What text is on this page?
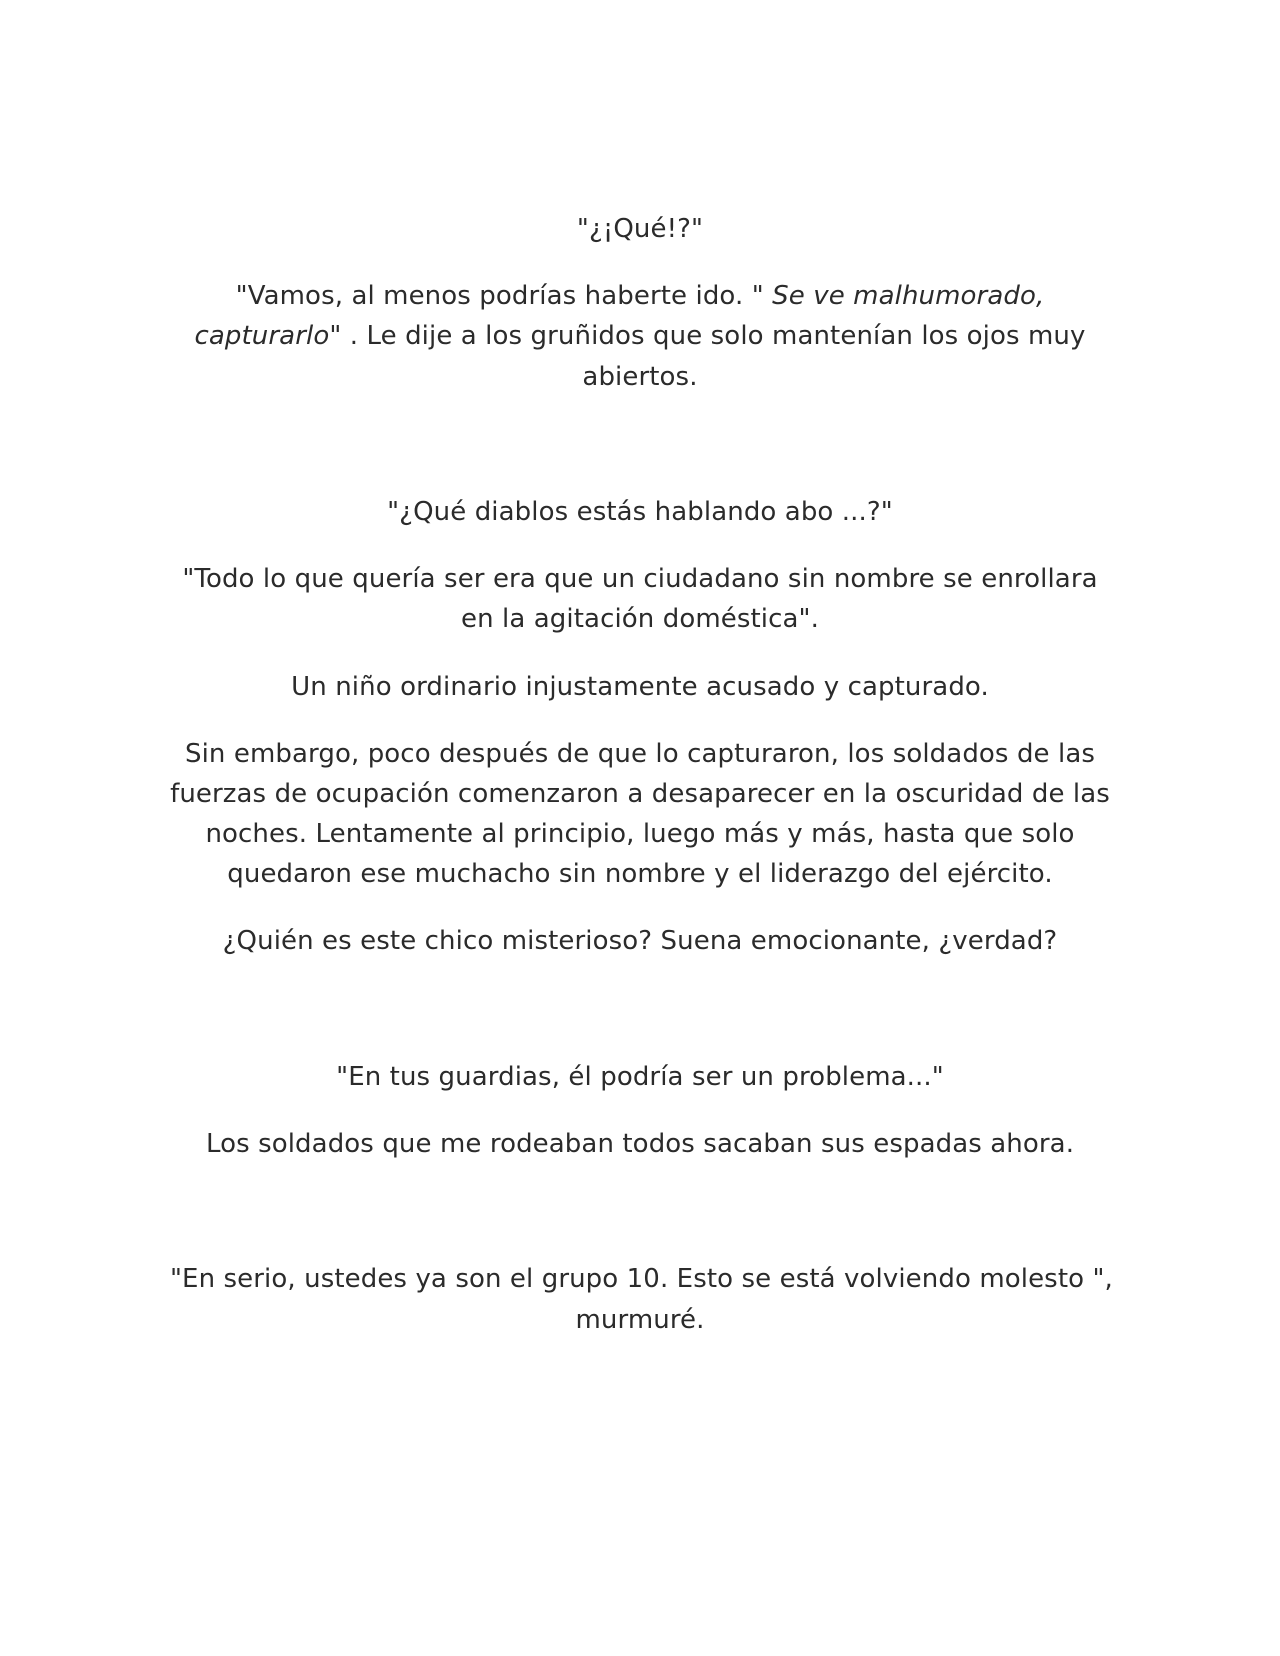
"¿¡Qué!?"
"Vamos, al menos podrías haberte ido. " Se ve malhumorado,
capturarlo" . Le dije a los gruñidos que solo mantenían los ojos muy
abiertos.
"¿Qué diablos estás hablando abo ...?"
"Todo lo que quería ser era que un ciudadano sin nombre se enrollara
en la agitación doméstica".
Un niño ordinario injustamente acusado y capturado.
Sin embargo, poco después de que lo capturaron, los soldados de las
fuerzas de ocupación comenzaron a desaparecer en la oscuridad de las
noches. Lentamente al principio, luego más y más, hasta que solo
quedaron ese muchacho sin nombre y el liderazgo del ejército.
¿Quién es este chico misterioso? Suena emocionante, ¿verdad?
"En tus guardias, él podría ser un problema..."
Los soldados que me rodeaban todos sacaban sus espadas ahora.
"En serio, ustedes ya son el grupo 10. Esto se está volviendo molesto ",
murmuré.
